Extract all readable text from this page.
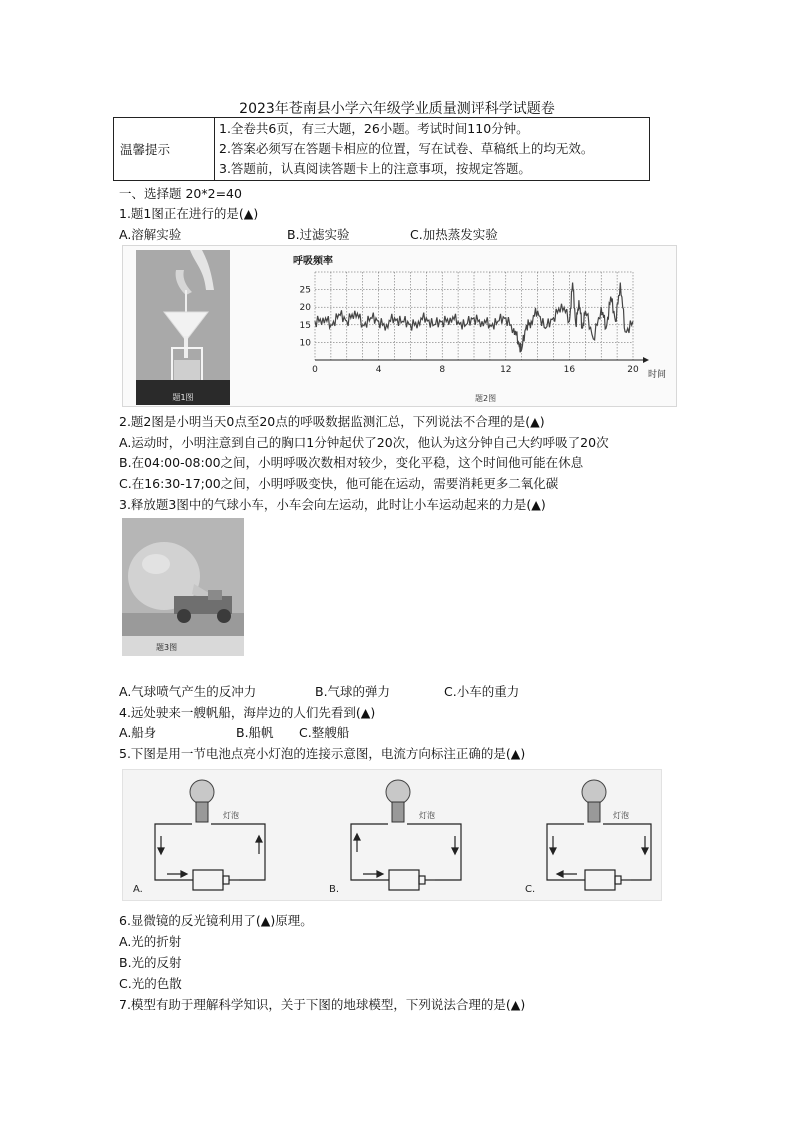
2023年苍南县小学六年级学业质量测评科学试题卷
温馨提示	
1.全卷共6页，有三大题，26小题。考试时间110分钟。
2.答案必须写在答题卡相应的位置，写在试卷、草稿纸上的均无效。
3.答题前，认真阅读答题卡上的注意事项，按规定答题。
一、选择题 20*2=40
1.题1图正在进行的是(▲)
A.溶解实验	B.过滤实验	C.加热蒸发实验
题1图
呼吸频率
时间
题2图
0	4	8	12	16	20
10
15
20
25
2.题2图是小明当天0点至20点的呼吸数据监测汇总，下列说法不合理的是(▲)
A.运动时，小明注意到自己的胸口1分钟起伏了20次，他认为这分钟自己大约呼吸了20次
B.在04:00-08:00之间，小明呼吸次数相对较少，变化平稳，这个时间他可能在休息
C.在16:30-17;00之间，小明呼吸变快，他可能在运动，需要消耗更多二氧化碳
3.释放题3图中的气球小车，小车会向左运动，此时让小车运动起来的力是(▲)
题3图
A.气球喷气产生的反冲力	B.气球的弹力	C.小车的重力
4.远处驶来一艘帆船，海岸边的人们先看到(▲)
A.船身	B.船帆 C.整艘船
5.下图是用一节电池点亮小灯泡的连接示意图，电流方向标注正确的是(▲)
灯泡
A.
灯泡
B.
灯泡
C.
6.显微镜的反光镜利用了(▲)原理。
A.光的折射
B.光的反射
C.光的色散
7.模型有助于理解科学知识，关于下图的地球模型，下列说法合理的是(▲)
